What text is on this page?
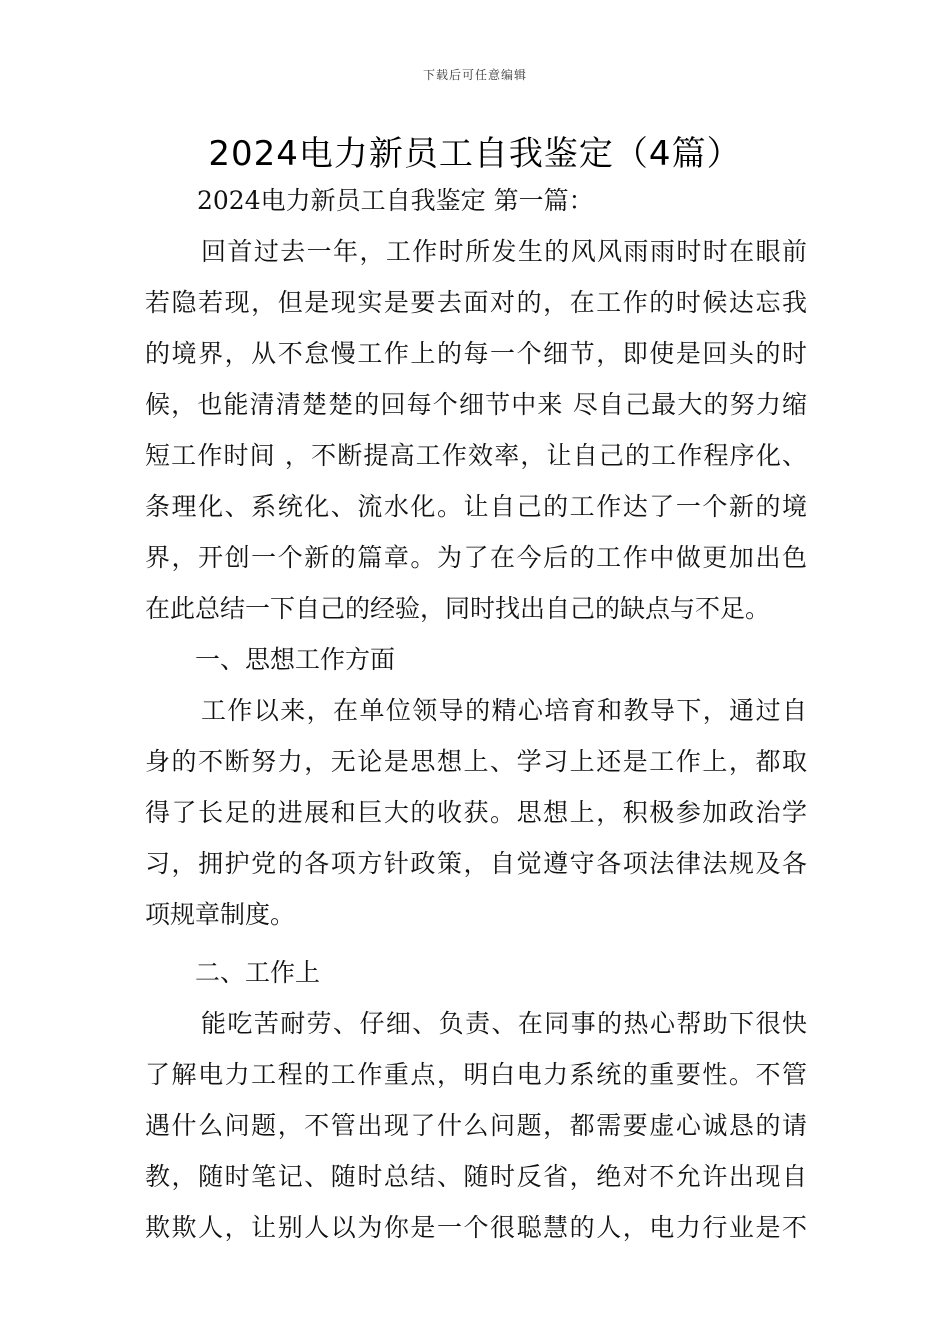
下载后可任意编辑
2024电力新员工自我鉴定（4篇）
2024电力新员工自我鉴定 第一篇：
回首过去一年，工作时所发生的风风雨雨时时在眼前
若隐若现，但是现实是要去面对的，在工作的时候达忘我
的境界，从不怠慢工作上的每一个细节，即使是回头的时
候，也能清清楚楚的回每个细节中来 尽自己最大的努力缩
短工作时间 ，不断提高工作效率，让自己的工作程序化、
条理化、系统化、流水化。让自己的工作达了一个新的境
界，开创一个新的篇章。为了在今后的工作中做更加出色
在此总结一下自己的经验，同时找出自己的缺点与不足。
一、思想工作方面
工作以来，在单位领导的精心培育和教导下，通过自
身的不断努力，无论是思想上、学习上还是工作上，都取
得了长足的进展和巨大的收获。思想上，积极参加政治学
习，拥护党的各项方针政策，自觉遵守各项法律法规及各
项规章制度。
二、工作上
能吃苦耐劳、仔细、负责、在同事的热心帮助下很快
了解电力工程的工作重点，明白电力系统的重要性。不管
遇什么问题，不管出现了什么问题，都需要虚心诚恳的请
教，随时笔记、随时总结、随时反省，绝对不允许出现自
欺欺人，让别人以为你是一个很聪慧的人，电力行业是不
